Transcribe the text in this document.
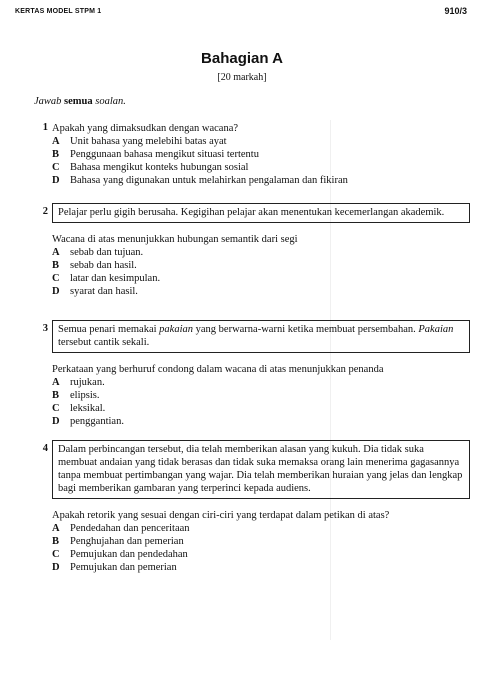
KERTAS MODEL STPM 1	910/3
Bahagian A
[20 markah]
Jawab semua soalan.
1 Apakah yang dimaksudkan dengan wacana?
A Unit bahasa yang melebihi batas ayat
B Penggunaan bahasa mengikut situasi tertentu
C Bahasa mengikut konteks hubungan sosial
D Bahasa yang digunakan untuk melahirkan pengalaman dan fikiran
2 Pelajar perlu gigih berusaha. Kegigihan pelajar akan menentukan kecemerlangan akademik.
Wacana di atas menunjukkan hubungan semantik dari segi
A sebab dan tujuan.
B sebab dan hasil.
C latar dan kesimpulan.
D syarat dan hasil.
3 Semua penari memakai pakaian yang berwarna-warni ketika membuat persembahan. Pakaian tersebut cantik sekali.
Perkataan yang berhuruf condong dalam wacana di atas menunjukkan penanda
A rujukan.
B elipsis.
C leksikal.
D penggantian.
4 Dalam perbincangan tersebut, dia telah memberikan alasan yang kukuh. Dia tidak suka membuat andaian yang tidak berasas dan tidak suka memaksa orang lain menerima gagasannya tanpa membuat pertimbangan yang wajar. Dia telah memberikan huraian yang jelas dan lengkap bagi memberikan gambaran yang terperinci kepada audiens.
Apakah retorik yang sesuai dengan ciri-ciri yang terdapat dalam petikan di atas?
A Pendedahan dan penceritaan
B Penghujahan dan pemerian
C Pemujukan dan pendedahan
D Pemujukan dan pemerian
